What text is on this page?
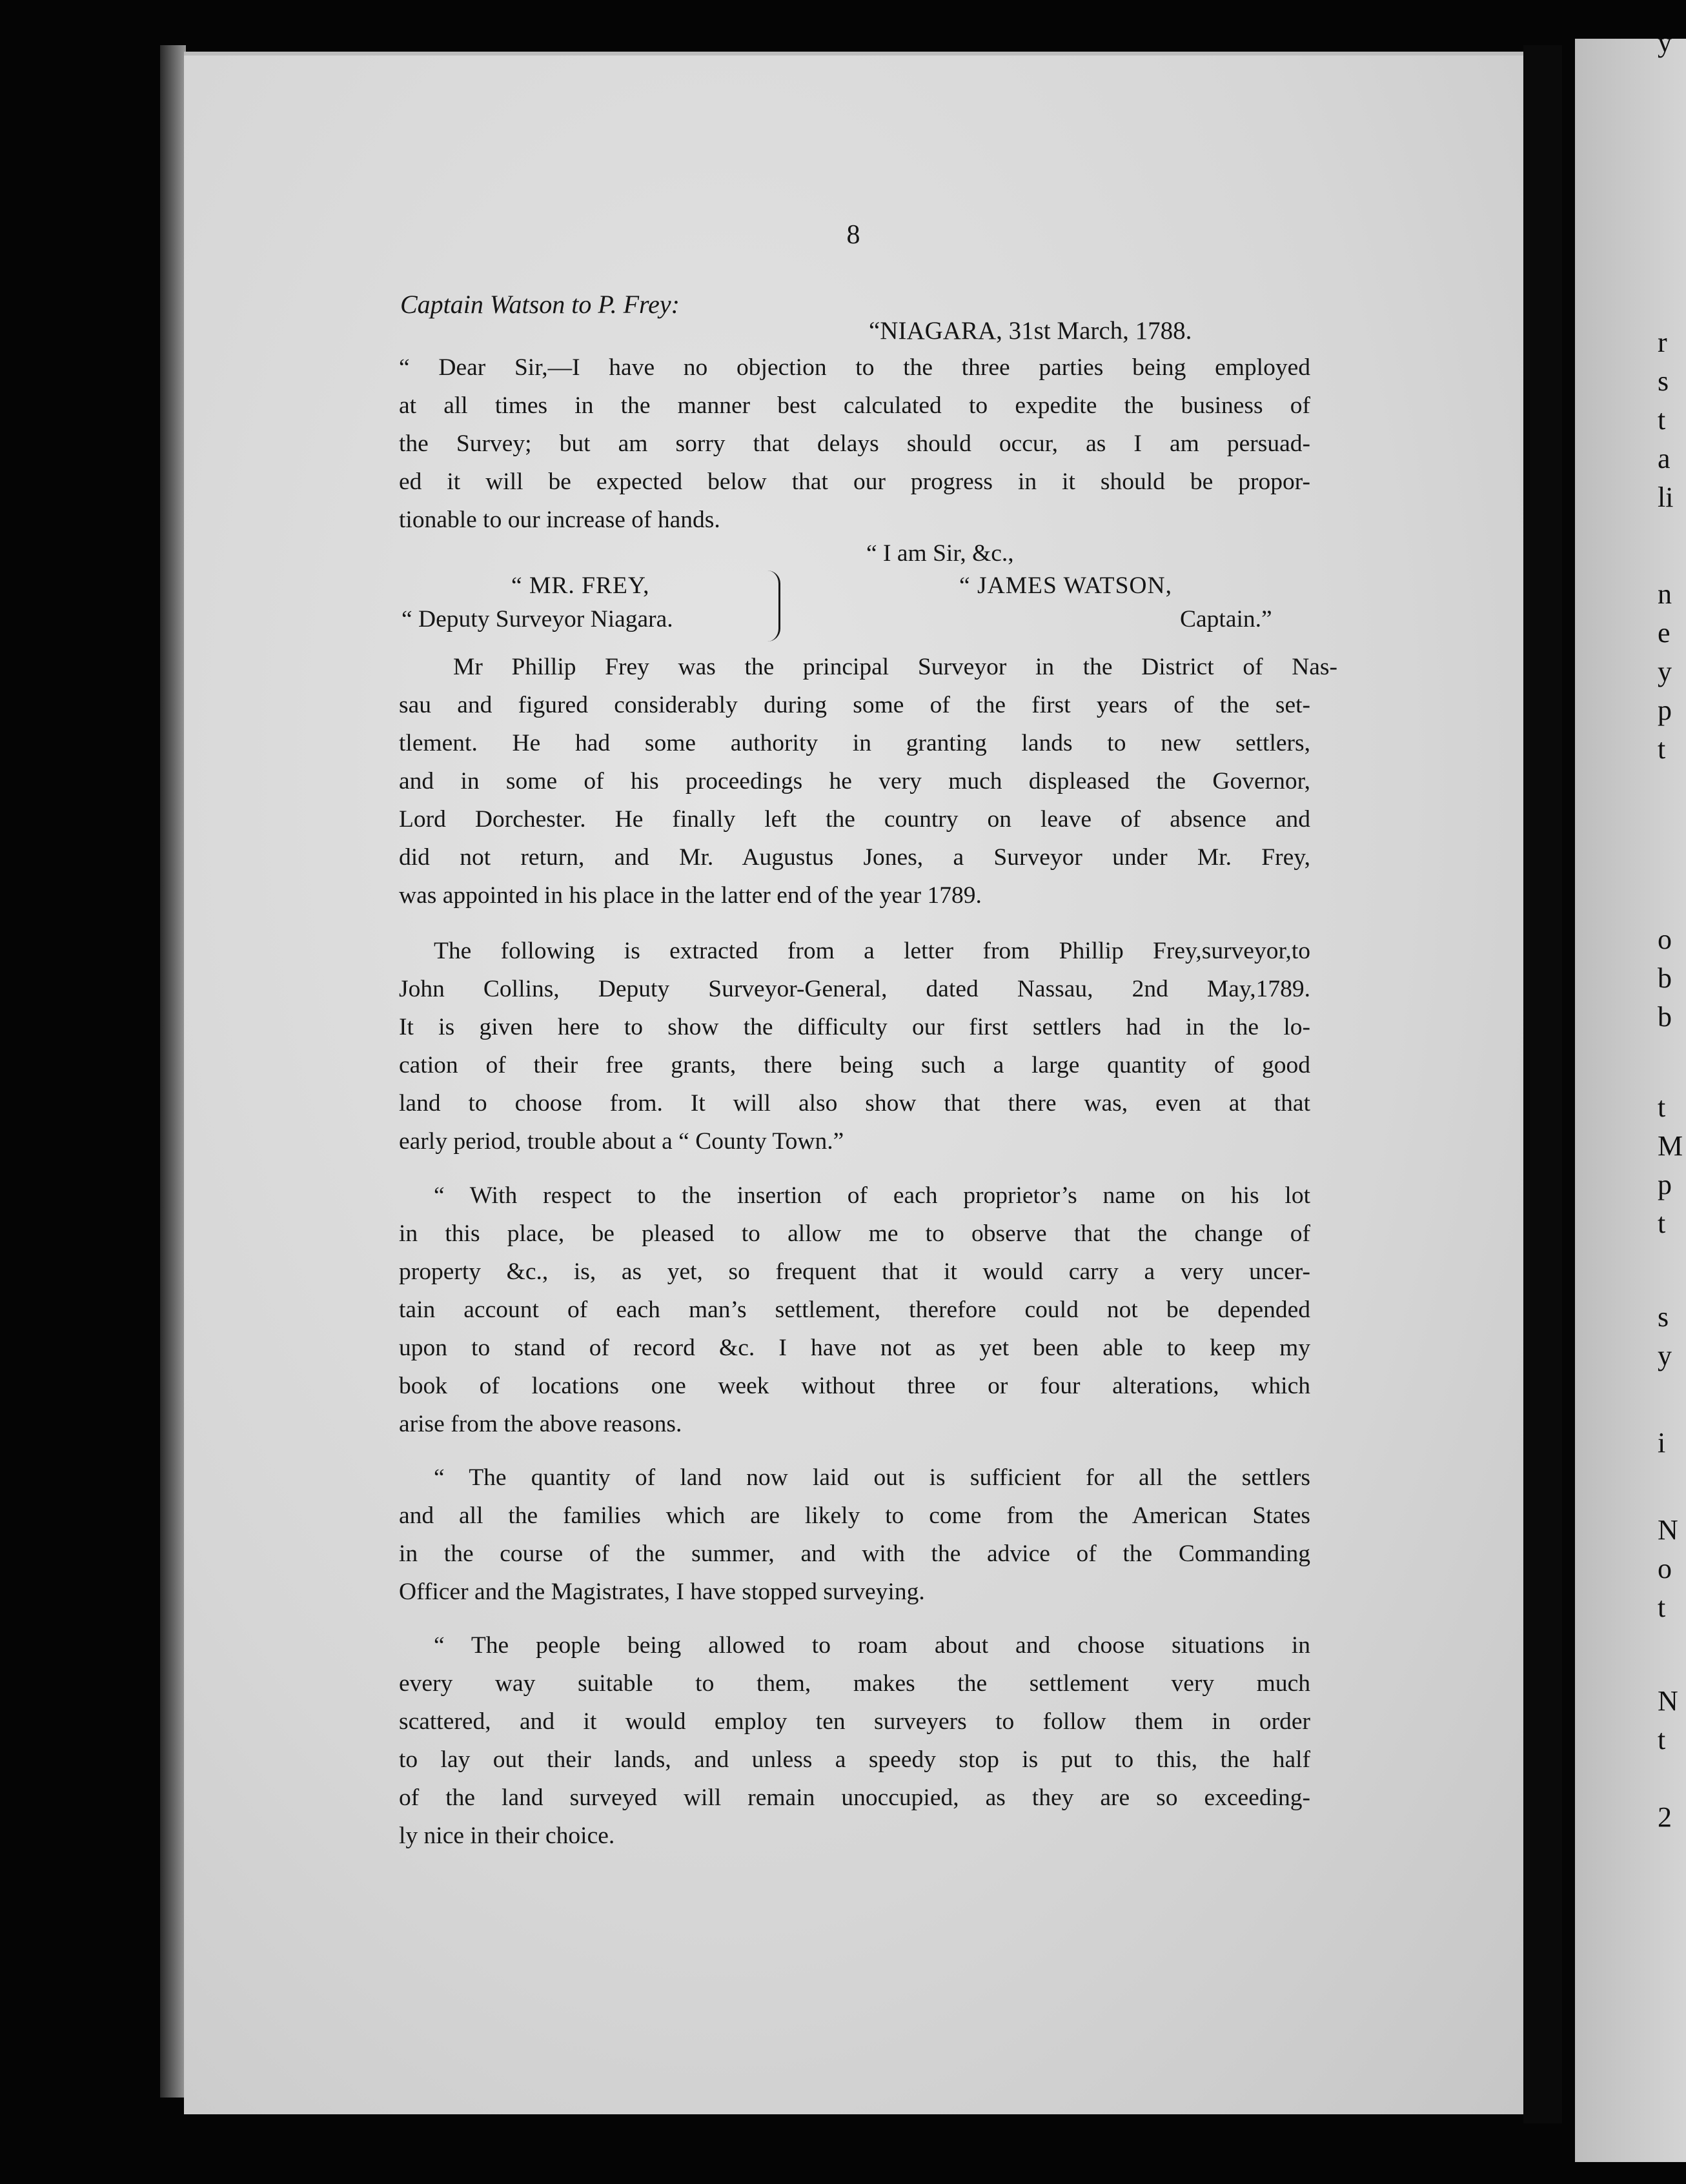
y
r
s
t
a
li
n
e
y
p
t
o
b
b
t
M
p
t
s
y
i
N
o
t
N
t
2
8
Captain Watson to P. Frey:
“NIAGARA, 31st March, 1788.
“ Dear Sir,—I have no objection to the three parties being employed
at all times in the manner best calculated to expedite the business of
the Survey; but am sorry that delays should occur, as I am persuad-
ed it will be expected below that our progress in it should be propor-
tionable to our increase of hands.
“ I am Sir, &c.,
“ MR. FREY,
“ Deputy Surveyor Niagara.
“ JAMES WATSON,
Captain.”
Mr Phillip Frey was the principal Surveyor in the District of Nas-
sau and figured considerably during some of the first years of the set-
tlement. He had some authority in granting lands to new settlers,
and in some of his proceedings he very much displeased the Governor,
Lord Dorchester. He finally left the country on leave of absence and
did not return, and Mr. Augustus Jones, a Surveyor under Mr. Frey,
was appointed in his place in the latter end of the year 1789.
The following is extracted from a letter from Phillip Frey,surveyor,to
John Collins, Deputy Surveyor-General, dated Nassau, 2nd May,1789.
It is given here to show the difficulty our first settlers had in the lo-
cation of their free grants, there being such a large quantity of good
land to choose from. It will also show that there was, even at that
early period, trouble about a “ County Town.”
“ With respect to the insertion of each proprietor’s name on his lot
in this place, be pleased to allow me to observe that the change of
property &c., is, as yet, so frequent that it would carry a very uncer-
tain account of each man’s settlement, therefore could not be depended
upon to stand of record &c. I have not as yet been able to keep my
book of locations one week without three or four alterations, which
arise from the above reasons.
“ The quantity of land now laid out is sufficient for all the settlers
and all the families which are likely to come from the American States
in the course of the summer, and with the advice of the Commanding
Officer and the Magistrates, I have stopped surveying.
“ The people being allowed to roam about and choose situations in
every way suitable to them, makes the settlement very much
scattered, and it would employ ten surveyers to follow them in order
to lay out their lands, and unless a speedy stop is put to this, the half
of the land surveyed will remain unoccupied, as they are so exceeding-
ly nice in their choice.
